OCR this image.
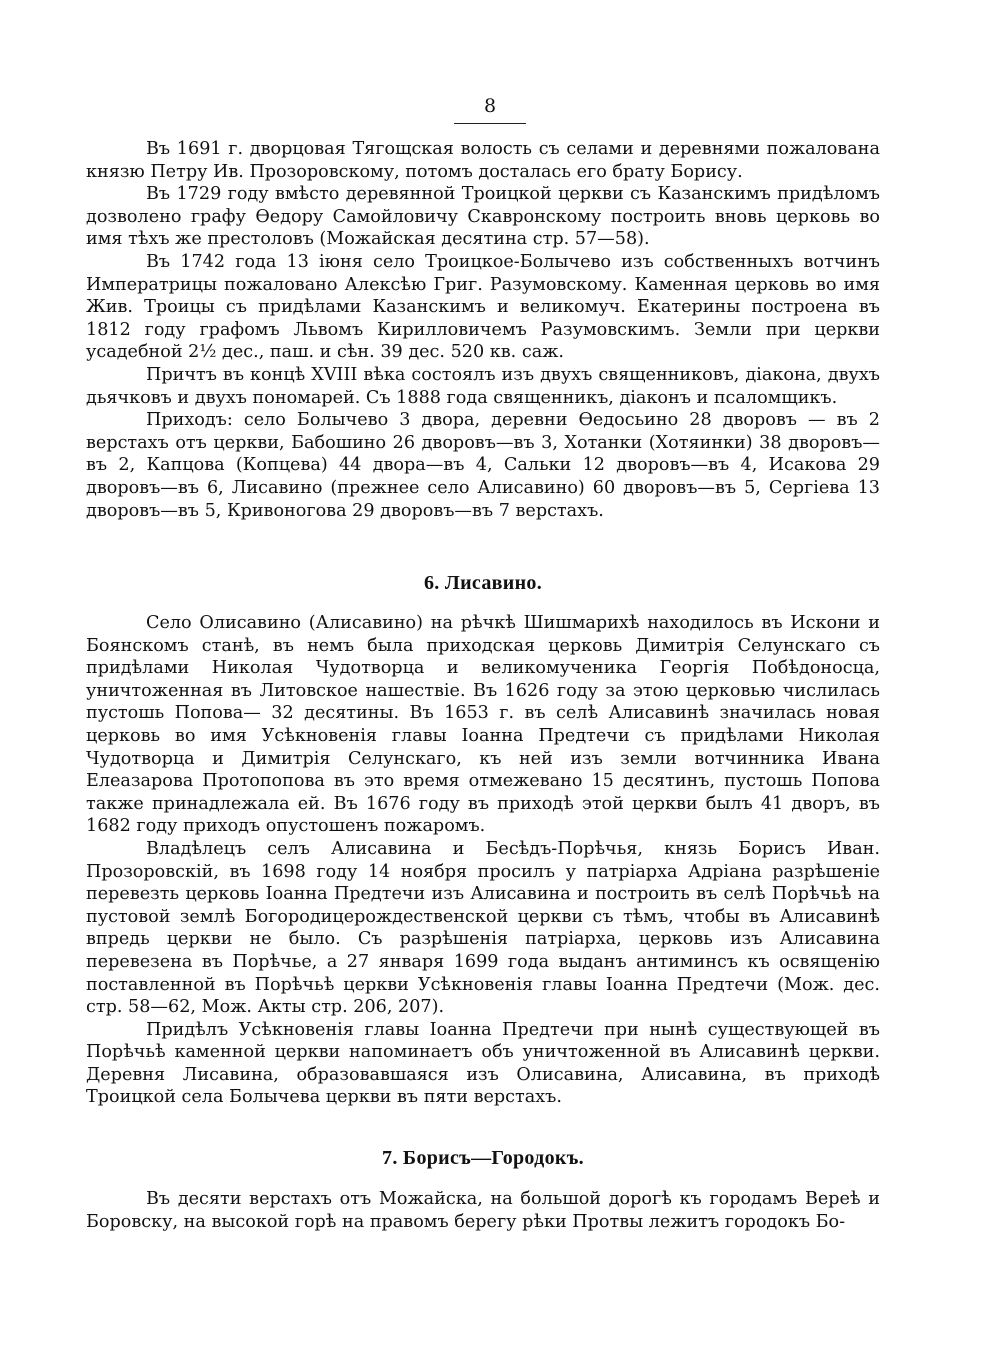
8

Въ 1691 г. дворцовая Тягощская волость съ селами и деревнями пожалована князю Петру Ив. Прозоровскому, потомъ досталась его брату Борису.

Въ 1729 году вмѣсто деревянной Троицкой церкви съ Казанскимъ придѣломъ дозволено графу Ѳедору Самойловичу Скавронскому построить вновь церковь во имя тѣхъ же престоловъ (Можайская десятина стр. 57—58).

Въ 1742 года 13 іюня село Троицкое-Болычево изъ собственныхъ вотчинъ Императрицы пожаловано Алексѣю Григ. Разумовскому. Каменная церковь во имя Жив. Троицы съ придѣлами Казанскимъ и великомуч. Екатерины построена въ 1812 году графомъ Львомъ Кирилловичемъ Разумовскимъ. Земли при церкви усадебной 2½ дес., паш. и сѣн. 39 дес. 520 кв. саж.

Причтъ въ концѣ XVIII вѣка состоялъ изъ двухъ священниковъ, діакона, двухъ дьячковъ и двухъ пономарей. Съ 1888 года священникъ, діаконъ и псаломщикъ.

Приходъ: село Болычево 3 двора, деревни Ѳедосьино 28 дворовъ — въ 2 верстахъ отъ церкви, Бабошино 26 дворовъ—въ 3, Хотанки (Хотяинки) 38 дворовъ— въ 2, Капцова (Копцева) 44 двора—въ 4, Сальки 12 дворовъ—въ 4, Исакова 29 дворовъ—въ 6, Лисавино (прежнее село Алисавино) 60 дворовъ—въ 5, Сергіева 13 дворовъ—въ 5, Кривоногова 29 дворовъ—въ 7 верстахъ.

6. Лисавино.

Село Олисавино (Алисавино) на рѣчкѣ Шишмарихѣ находилось въ Искони и Боянскомъ станѣ, въ немъ была приходская церковь Димитрія Селунскаго съ придѣлами Николая Чудотворца и великомученика Георгія Побѣдоносца, уничтоженная въ Литовское нашествіе. Въ 1626 году за этою церковью числилась пустошь Попова— 32 десятины. Въ 1653 г. въ селѣ Алисавинѣ значилась новая церковь во имя Усѣкновенія главы Іоанна Предтечи съ придѣлами Николая Чудотворца и Димитрія Селунскаго, къ ней изъ земли вотчинника Ивана Елеазарова Протопопова въ это время отмежевано 15 десятинъ, пустошь Попова также принадлежала ей. Въ 1676 году въ приходѣ этой церкви былъ 41 дворъ, въ 1682 году приходъ опустошенъ пожаромъ.

Владѣлецъ селъ Алисавина и Бесѣдъ-Порѣчья, князь Борисъ Иван. Прозоровскій, въ 1698 году 14 ноября просилъ у патріарха Адріана разрѣшеніе перевезть церковь Іоанна Предтечи изъ Алисавина и построить въ селѣ Порѣчьѣ на пустовой землѣ Богородицерождественской церкви съ тѣмъ, чтобы въ Алисавинѣ впредь церкви не было. Съ разрѣшенія патріарха, церковь изъ Алисавина перевезена въ Порѣчье, а 27 января 1699 года выданъ антиминсъ къ освященію поставленной въ Порѣчьѣ церкви Усѣкновенія главы Іоанна Предтечи (Мож. дес. стр. 58—62, Мож. Акты стр. 206, 207).

Придѣлъ Усѣкновенія главы Іоанна Предтечи при нынѣ существующей въ Порѣчьѣ каменной церкви напоминаетъ объ уничтоженной въ Алисавинѣ церкви. Деревня Лисавина, образовавшаяся изъ Олисавина, Алисавина, въ приходѣ Троицкой села Болычева церкви въ пяти верстахъ.

7. Борисъ—Городокъ.

Въ десяти верстахъ отъ Можайска, на большой дорогѣ къ городамъ Вереѣ и Боровску, на высокой горѣ на правомъ берегу рѣки Протвы лежитъ городокъ Бо-
